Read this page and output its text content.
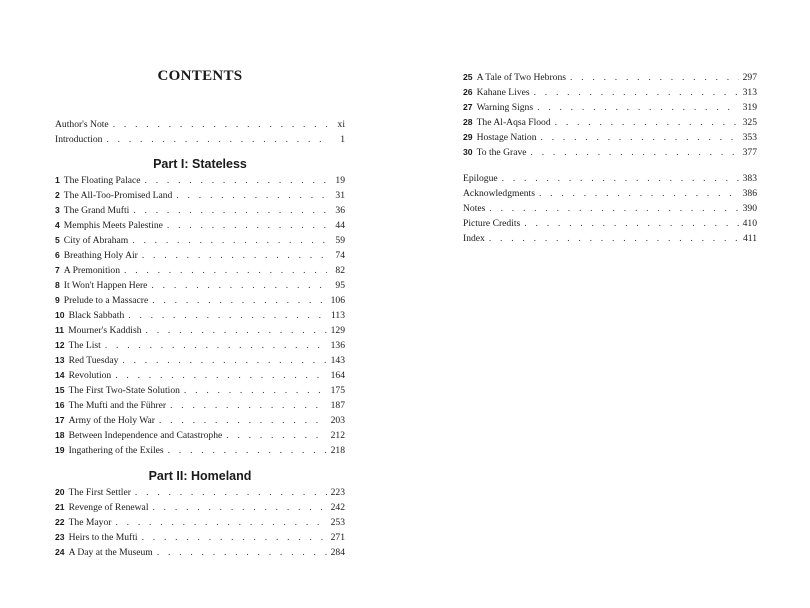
CONTENTS
Author's Note . . .	xi
Introduction . . .	1
Part I: Stateless
1 The Floating Palace . . .	19
2 The All-Too-Promised Land . . .	31
3 The Grand Mufti . . .	36
4 Memphis Meets Palestine . . .	44
5 City of Abraham . . .	59
6 Breathing Holy Air . . .	74
7 A Premonition . . .	82
8 It Won't Happen Here . . .	95
9 Prelude to a Massacre . . .	106
10 Black Sabbath . . .	113
11 Mourner's Kaddish . . .	129
12 The List . . .	136
13 Red Tuesday . . .	143
14 Revolution . . .	164
15 The First Two-State Solution . . .	175
16 The Mufti and the Führer . . .	187
17 Army of the Holy War . . .	203
18 Between Independence and Catastrophe . . .	212
19 Ingathering of the Exiles . . .	218
Part II: Homeland
20 The First Settler . . .	223
21 Revenge of Renewal . . .	242
22 The Mayor . . .	253
23 Heirs to the Mufti . . .	271
24 A Day at the Museum . . .	284
25 A Tale of Two Hebrons . . .	297
26 Kahane Lives . . .	313
27 Warning Signs . . .	319
28 The Al-Aqsa Flood . . .	325
29 Hostage Nation . . .	353
30 To the Grave . . .	377
Epilogue . . .	383
Acknowledgments . . .	386
Notes . . .	390
Picture Credits . . .	410
Index . . .	411
